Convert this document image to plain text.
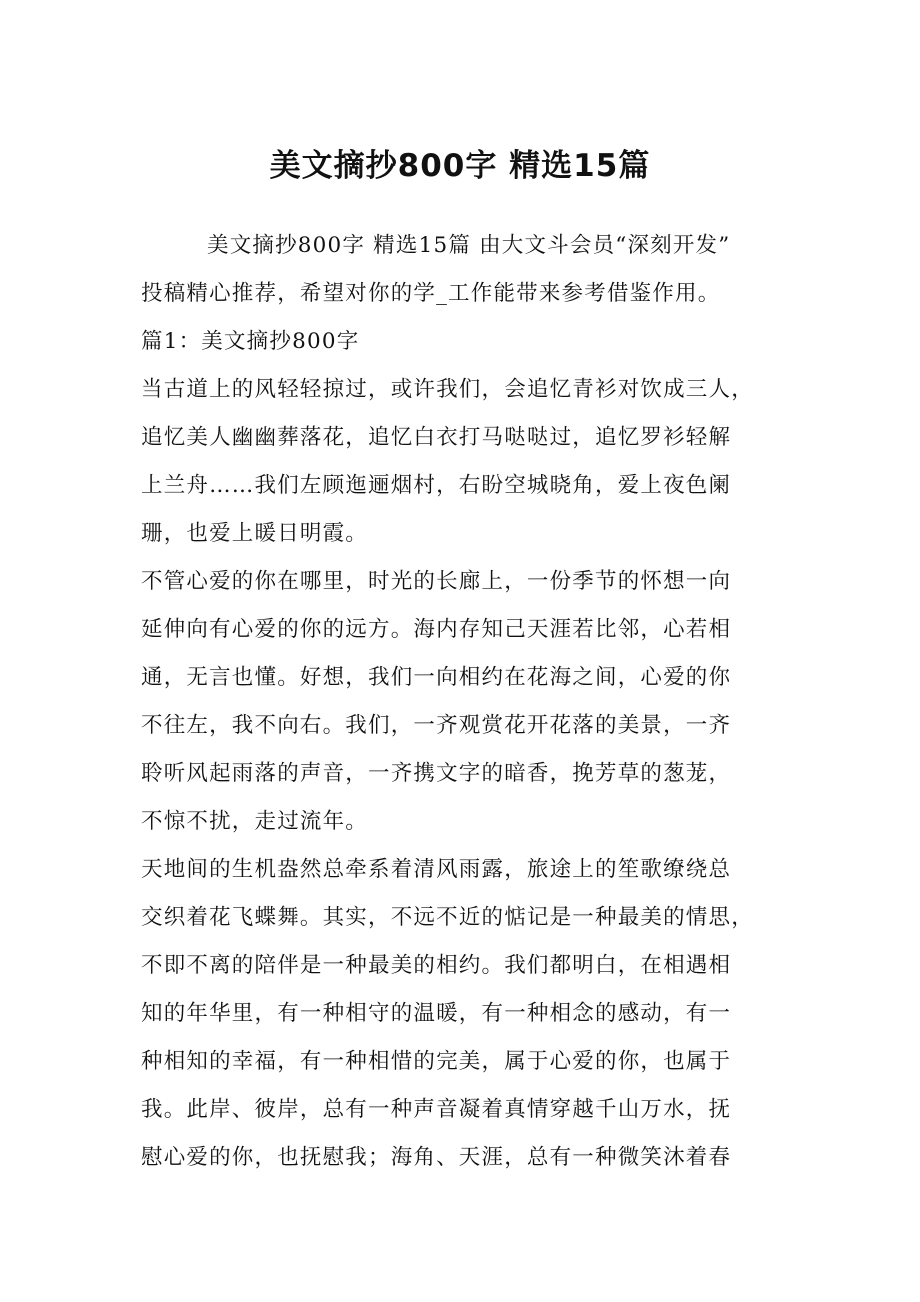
美文摘抄800字 精选15篇
美文摘抄800字 精选15篇 由大文斗会员“深刻开发”
投稿精心推荐，希望对你的学_工作能带来参考借鉴作用。
篇1：美文摘抄800字
当古道上的风轻轻掠过，或许我们，会追忆青衫对饮成三人，
追忆美人幽幽葬落花，追忆白衣打马哒哒过，追忆罗衫轻解
上兰舟……我们左顾迤逦烟村，右盼空城晓角，爱上夜色阑
珊，也爱上暖日明霞。
不管心爱的你在哪里，时光的长廊上，一份季节的怀想一向
延伸向有心爱的你的远方。海内存知己天涯若比邻，心若相
通，无言也懂。好想，我们一向相约在花海之间，心爱的你
不往左，我不向右。我们，一齐观赏花开花落的美景，一齐
聆听风起雨落的声音，一齐携文字的暗香，挽芳草的葱茏，
不惊不扰，走过流年。
天地间的生机盎然总牵系着清风雨露，旅途上的笙歌缭绕总
交织着花飞蝶舞。其实，不远不近的惦记是一种最美的情思，
不即不离的陪伴是一种最美的相约。我们都明白，在相遇相
知的年华里，有一种相守的温暖，有一种相念的感动，有一
种相知的幸福，有一种相惜的完美，属于心爱的你，也属于
我。此岸、彼岸，总有一种声音凝着真情穿越千山万水，抚
慰心爱的你，也抚慰我；海角、天涯，总有一种微笑沐着春
